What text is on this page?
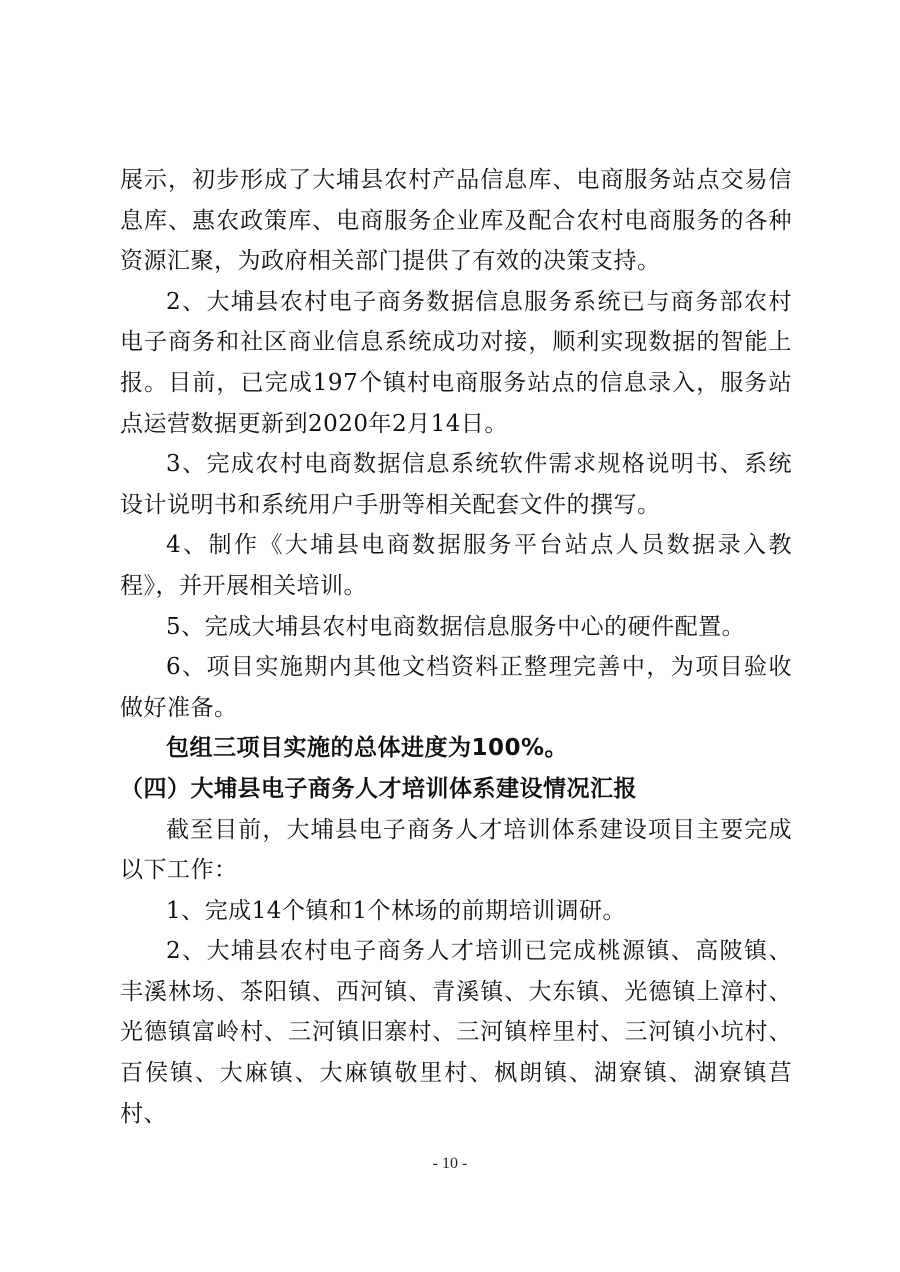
展示，初步形成了大埔县农村产品信息库、电商服务站点交易信息库、惠农政策库、电商服务企业库及配合农村电商服务的各种资源汇聚，为政府相关部门提供了有效的决策支持。

2、大埔县农村电子商务数据信息服务系统已与商务部农村电子商务和社区商业信息系统成功对接，顺利实现数据的智能上报。目前，已完成197个镇村电商服务站点的信息录入，服务站点运营数据更新到2020年2月14日。

3、完成农村电商数据信息系统软件需求规格说明书、系统设计说明书和系统用户手册等相关配套文件的撰写。

4、制作《大埔县电商数据服务平台站点人员数据录入教程》，并开展相关培训。

5、完成大埔县农村电商数据信息服务中心的硬件配置。

6、项目实施期内其他文档资料正整理完善中，为项目验收做好准备。

包组三项目实施的总体进度为100%。

（四）大埔县电子商务人才培训体系建设情况汇报

截至目前，大埔县电子商务人才培训体系建设项目主要完成以下工作：

1、完成14个镇和1个林场的前期培训调研。

2、大埔县农村电子商务人才培训已完成桃源镇、高陂镇、丰溪林场、茶阳镇、西河镇、青溪镇、大东镇、光德镇上漳村、光德镇富岭村、三河镇旧寨村、三河镇梓里村、三河镇小坑村、百侯镇、大麻镇、大麻镇敬里村、枫朗镇、湖寮镇、湖寮镇莒村、

- 10 -
